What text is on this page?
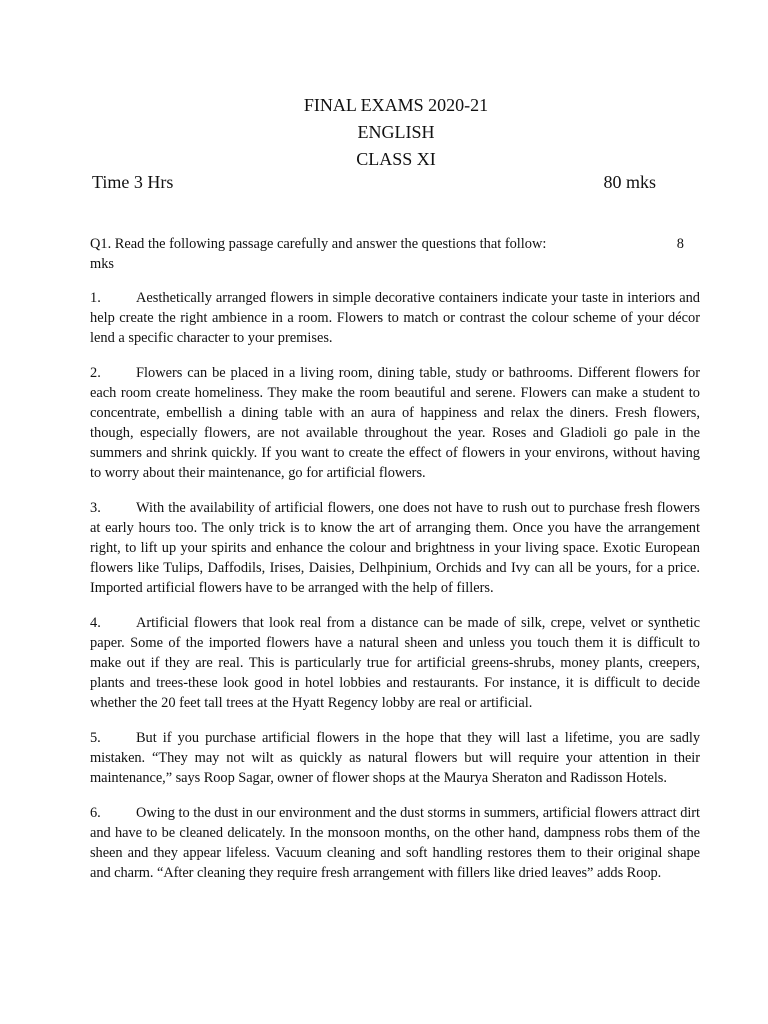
FINAL EXAMS 2020-21
ENGLISH
CLASS XI
Time 3 Hrs	80 mks

Q1. Read the following passage carefully and answer the questions that follow:	8

mks

1. Aesthetically arranged flowers in simple decorative containers indicate your taste in interiors and help create the right ambience in a room. Flowers to match or contrast the colour scheme of your décor lend a specific character to your premises.

2. Flowers can be placed in a living room, dining table, study or bathrooms. Different flowers for each room create homeliness. They make the room beautiful and serene. Flowers can make a student to concentrate, embellish a dining table with an aura of happiness and relax the diners. Fresh flowers, though, especially flowers, are not available throughout the year. Roses and Gladioli go pale in the summers and shrink quickly. If you want to create the effect of flowers in your environs, without having to worry about their maintenance, go for artificial flowers.

3. With the availability of artificial flowers, one does not have to rush out to purchase fresh flowers at early hours too. The only trick is to know the art of arranging them. Once you have the arrangement right, to lift up your spirits and enhance the colour and brightness in your living space. Exotic European flowers like Tulips, Daffodils, Irises, Daisies, Delhpinium, Orchids and Ivy can all be yours, for a price. Imported artificial flowers have to be arranged with the help of fillers.

4. Artificial flowers that look real from a distance can be made of silk, crepe, velvet or synthetic paper. Some of the imported flowers have a natural sheen and unless you touch them it is difficult to make out if they are real. This is particularly true for artificial greens-shrubs, money plants, creepers, plants and trees-these look good in hotel lobbies and restaurants. For instance, it is difficult to decide whether the 20 feet tall trees at the Hyatt Regency lobby are real or artificial.

5. But if you purchase artificial flowers in the hope that they will last a lifetime, you are sadly mistaken. “They may not wilt as quickly as natural flowers but will require your attention in their maintenance,” says Roop Sagar, owner of flower shops at the Maurya Sheraton and Radisson Hotels.

6. Owing to the dust in our environment and the dust storms in summers, artificial flowers attract dirt and have to be cleaned delicately. In the monsoon months, on the other hand, dampness robs them of the sheen and they appear lifeless. Vacuum cleaning and soft handling restores them to their original shape and charm. “After cleaning they require fresh arrangement with fillers like dried leaves” adds Roop.
